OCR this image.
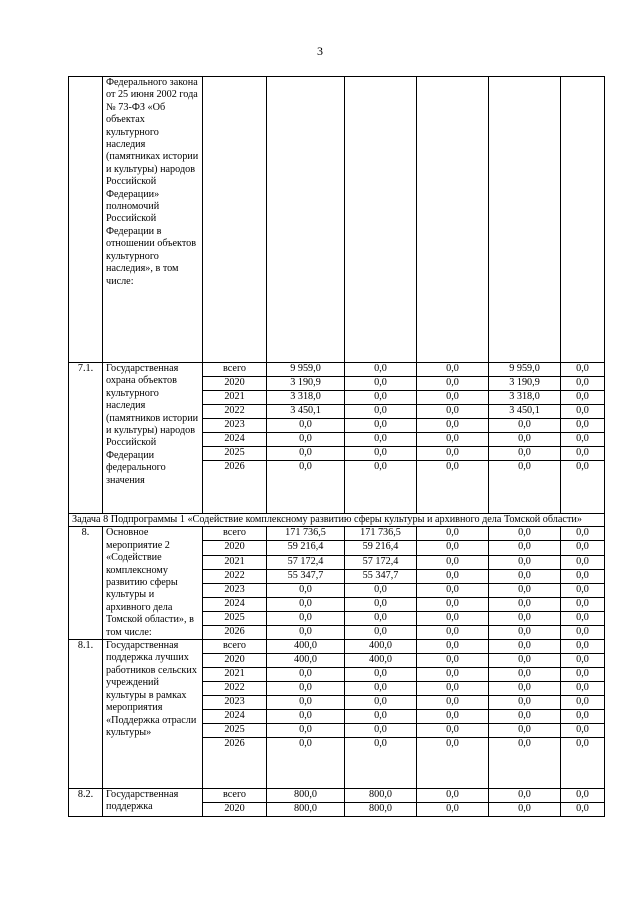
3
	Федерального закона от 25 июня 2002 года № 73-ФЗ «Об объектах культурного наследия (памятниках истории и культуры) народов Российской Федерации» полномочий Российской Федерации в отношении объектов культурного наследия», в том числе:						
7.1.	Государственная охрана объектов культурного наследия (памятников истории и культуры) народов Российской Федерации федерального значения	всего	9 959,0	0,0	0,0	9 959,0	0,0
		2020	3 190,9	0,0	0,0	3 190,9	0,0
		2021	3 318,0	0,0	0,0	3 318,0	0,0
		2022	3 450,1	0,0	0,0	3 450,1	0,0
		2023	0,0	0,0	0,0	0,0	0,0
		2024	0,0	0,0	0,0	0,0	0,0
		2025	0,0	0,0	0,0	0,0	0,0
		2026	0,0	0,0	0,0	0,0	0,0
Задача 8 Подпрограммы 1 «Содействие комплексному развитию сферы культуры и архивного дела Томской области»							
8.	Основное мероприятие 2 «Содействие комплексному развитию сферы культуры и архивного дела Томской области», в том числе:	всего	171 736,5	171 736,5	0,0	0,0	0,0
		2020	59 216,4	59 216,4	0,0	0,0	0,0
		2021	57 172,4	57 172,4	0,0	0,0	0,0
		2022	55 347,7	55 347,7	0,0	0,0	0,0
		2023	0,0	0,0	0,0	0,0	0,0
		2024	0,0	0,0	0,0	0,0	0,0
		2025	0,0	0,0	0,0	0,0	0,0
		2026	0,0	0,0	0,0	0,0	0,0
8.1.	Государственная поддержка лучших работников сельских учреждений культуры в рамках мероприятия «Поддержка отрасли культуры»	всего	400,0	400,0	0,0	0,0	0,0
		2020	400,0	400,0	0,0	0,0	0,0
		2021	0,0	0,0	0,0	0,0	0,0
		2022	0,0	0,0	0,0	0,0	0,0
		2023	0,0	0,0	0,0	0,0	0,0
		2024	0,0	0,0	0,0	0,0	0,0
		2025	0,0	0,0	0,0	0,0	0,0
		2026	0,0	0,0	0,0	0,0	0,0
8.2.	Государственная поддержка	всего	800,0	800,0	0,0	0,0	0,0
		2020	800,0	800,0	0,0	0,0	0,0
